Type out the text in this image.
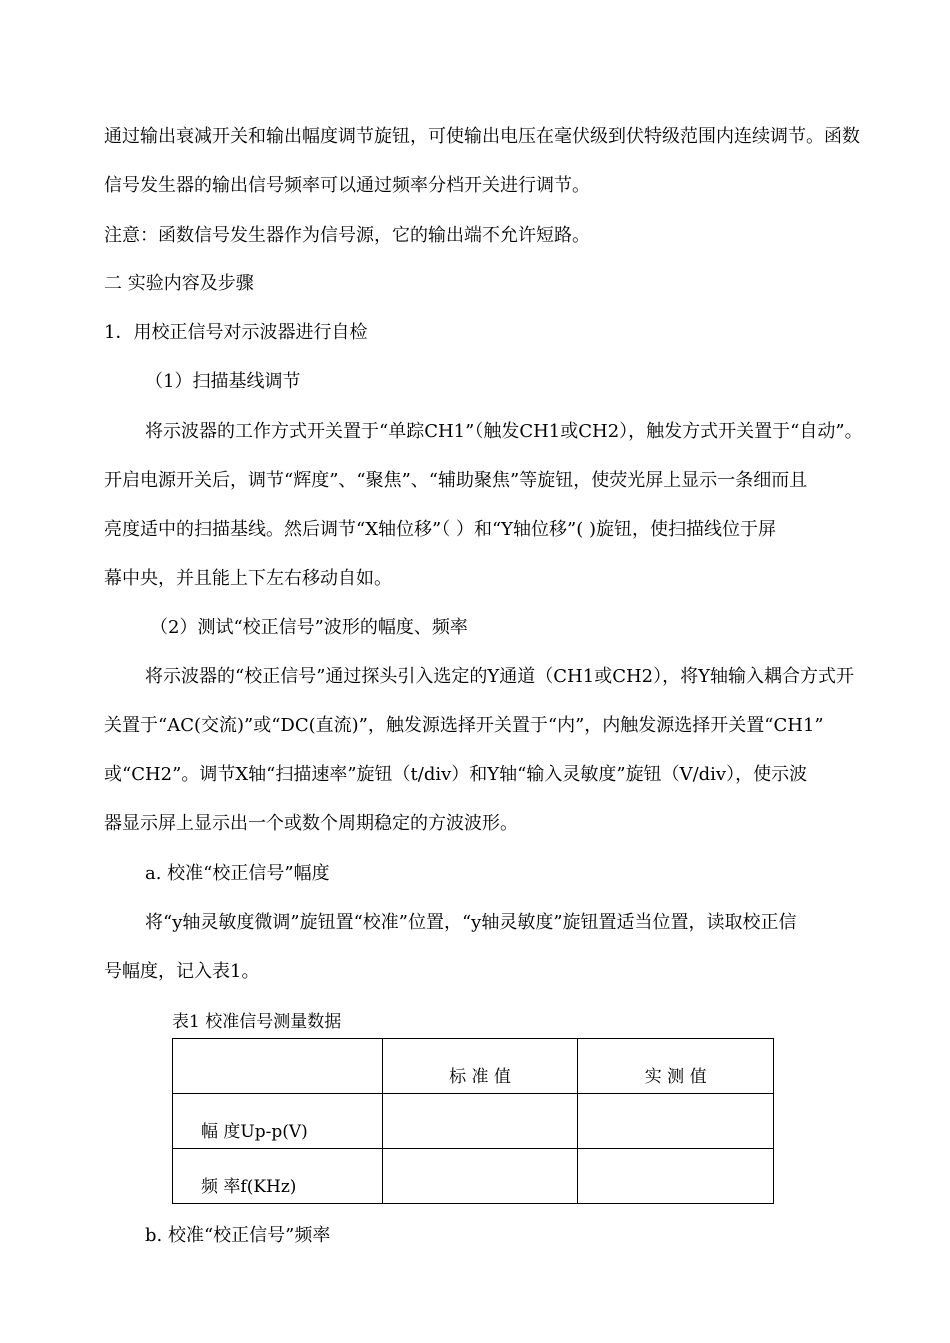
通过输出衰减开关和输出幅度调节旋钮，可使输出电压在毫伏级到伏特级范围内连续调节。函数
信号发生器的输出信号频率可以通过频率分档开关进行调节。
注意：函数信号发生器作为信号源，它的输出端不允许短路。
二 实验内容及步骤
1．用校正信号对示波器进行自检
（1）扫描基线调节
将示波器的工作方式开关置于“单踪CH1”（触发CH1或CH2），触发方式开关置于“自动”。
开启电源开关后，调节“辉度”、“聚焦”、“辅助聚焦”等旋钮，使荧光屏上显示一条细而且
亮度适中的扫描基线。然后调节“X轴位移”（ ）和“Y轴位移”( )旋钮，使扫描线位于屏
幕中央，并且能上下左右移动自如。
（2）测试“校正信号”波形的幅度、频率
将示波器的“校正信号”通过探头引入选定的Y通道（CH1或CH2），将Y轴输入耦合方式开
关置于“AC(交流)”或“DC(直流)”，触发源选择开关置于“内”，内触发源选择开关置“CH1”
或“CH2”。调节X轴“扫描速率”旋钮（t/div）和Y轴“输入灵敏度”旋钮（V/div），使示波
器显示屏上显示出一个或数个周期稳定的方波波形。
a. 校准“校正信号”幅度
将“y轴灵敏度微调”旋钮置“校准”位置，“y轴灵敏度”旋钮置适当位置，读取校正信
号幅度，记入表1。
表1 校准信号测量数据
	标 准 值	实 测 值
幅 度Up-p(V)		
频 率f(KHz)		
b. 校准“校正信号”频率
